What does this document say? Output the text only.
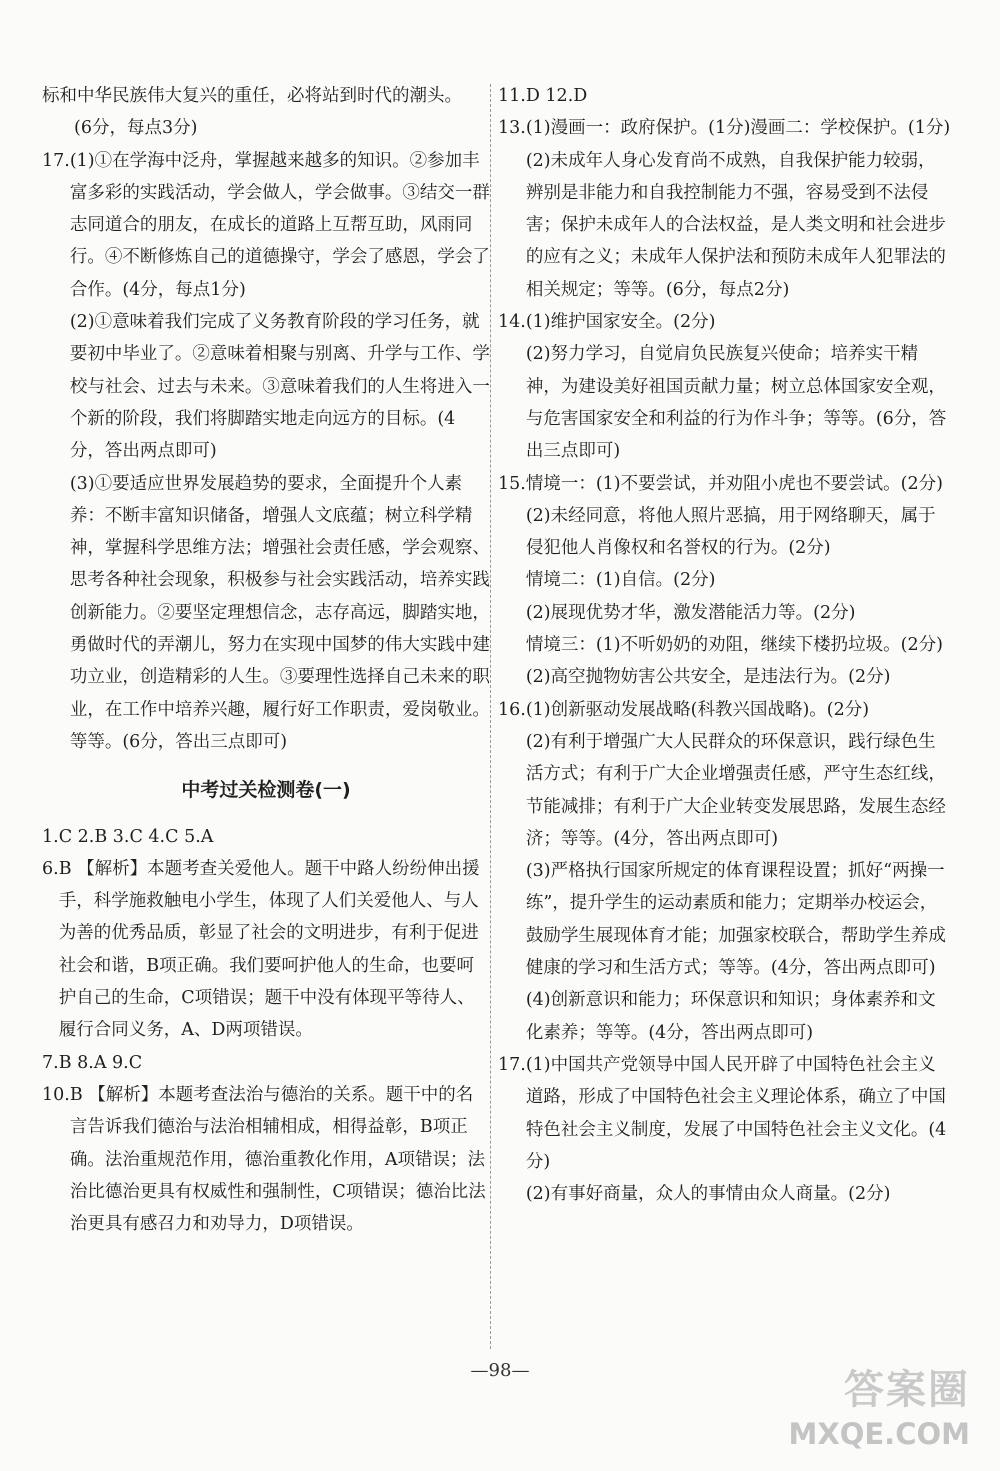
标和中华民族伟大复兴的重任，必将站到时代的潮头。
(6分，每点3分)
17. (1)①在学海中泛舟，掌握越来越多的知识。②参加丰富多彩的实践活动，学会做人，学会做事。③结交一群志同道合的朋友，在成长的道路上互帮互助，风雨同行。④不断修炼自己的道德操守，学会了感恩，学会了合作。(4分，每点1分)
(2)①意味着我们完成了义务教育阶段的学习任务，就要初中毕业了。②意味着相聚与别离、升学与工作、学校与社会、过去与未来。③意味着我们的人生将进入一个新的阶段，我们将脚踏实地走向远方的目标。(4分，答出两点即可)
(3)①要适应世界发展趋势的要求，全面提升个人素养：不断丰富知识储备，增强人文底蕴；树立科学精神，掌握科学思维方法；增强社会责任感，学会观察、思考各种社会现象，积极参与社会实践活动，培养实践创新能力。②要坚定理想信念，志存高远，脚踏实地，勇做时代的弄潮儿，努力在实现中国梦的伟大实践中建功立业，创造精彩的人生。③要理性选择自己未来的职业，在工作中培养兴趣，履行好工作职责，爱岗敬业。等等。(6分，答出三点即可)
中考过关检测卷(一)
1.C 2.B 3.C 4.C 5.A
6. B 【解析】本题考查关爱他人。题干中路人纷纷伸出援手，科学施救触电小学生，体现了人们关爱他人、与人为善的优秀品质，彰显了社会的文明进步，有利于促进社会和谐，B项正确。我们要呵护他人的生命，也要呵护自己的生命，C项错误；题干中没有体现平等待人、履行合同义务，A、D两项错误。
7.B 8.A 9.C
10. B 【解析】本题考查法治与德治的关系。题干中的名言告诉我们德治与法治相辅相成，相得益彰，B项正确。法治重规范作用，德治重教化作用，A项错误；法治比德治更具有权威性和强制性，C项错误；德治比法治更具有感召力和劝导力，D项错误。
11.D 12.D
13. (1)漫画一：政府保护。(1分)漫画二：学校保护。(1分)
(2)未成年人身心发育尚不成熟，自我保护能力较弱，辨别是非能力和自我控制能力不强，容易受到不法侵害；保护未成年人的合法权益，是人类文明和社会进步的应有之义；未成年人保护法和预防未成年人犯罪法的相关规定；等等。(6分，每点2分)
14. (1)维护国家安全。(2分)
(2)努力学习，自觉肩负民族复兴使命；培养实干精神，为建设美好祖国贡献力量；树立总体国家安全观，与危害国家安全和利益的行为作斗争；等等。(6分，答出三点即可)
15. 情境一：(1)不要尝试，并劝阻小虎也不要尝试。(2分)
(2)未经同意，将他人照片恶搞，用于网络聊天，属于侵犯他人肖像权和名誉权的行为。(2分)
情境二：(1)自信。(2分)
(2)展现优势才华，激发潜能活力等。(2分)
情境三：(1)不听奶奶的劝阻，继续下楼扔垃圾。(2分)
(2)高空抛物妨害公共安全，是违法行为。(2分)
16. (1)创新驱动发展战略(科教兴国战略)。(2分)
(2)有利于增强广大人民群众的环保意识，践行绿色生活方式；有利于广大企业增强责任感，严守生态红线，节能减排；有利于广大企业转变发展思路，发展生态经济；等等。(4分，答出两点即可)
(3)严格执行国家所规定的体育课程设置；抓好“两操一练”，提升学生的运动素质和能力；定期举办校运会，鼓励学生展现体育才能；加强家校联合，帮助学生养成健康的学习和生活方式；等等。(4分，答出两点即可)
(4)创新意识和能力；环保意识和知识；身体素养和文化素养；等等。(4分，答出两点即可)
17. (1)中国共产党领导中国人民开辟了中国特色社会主义道路，形成了中国特色社会主义理论体系，确立了中国特色社会主义制度，发展了中国特色社会主义文化。(4分)
(2)有事好商量，众人的事情由众人商量。(2分)
—98—	答案圈
MXQE.COM
